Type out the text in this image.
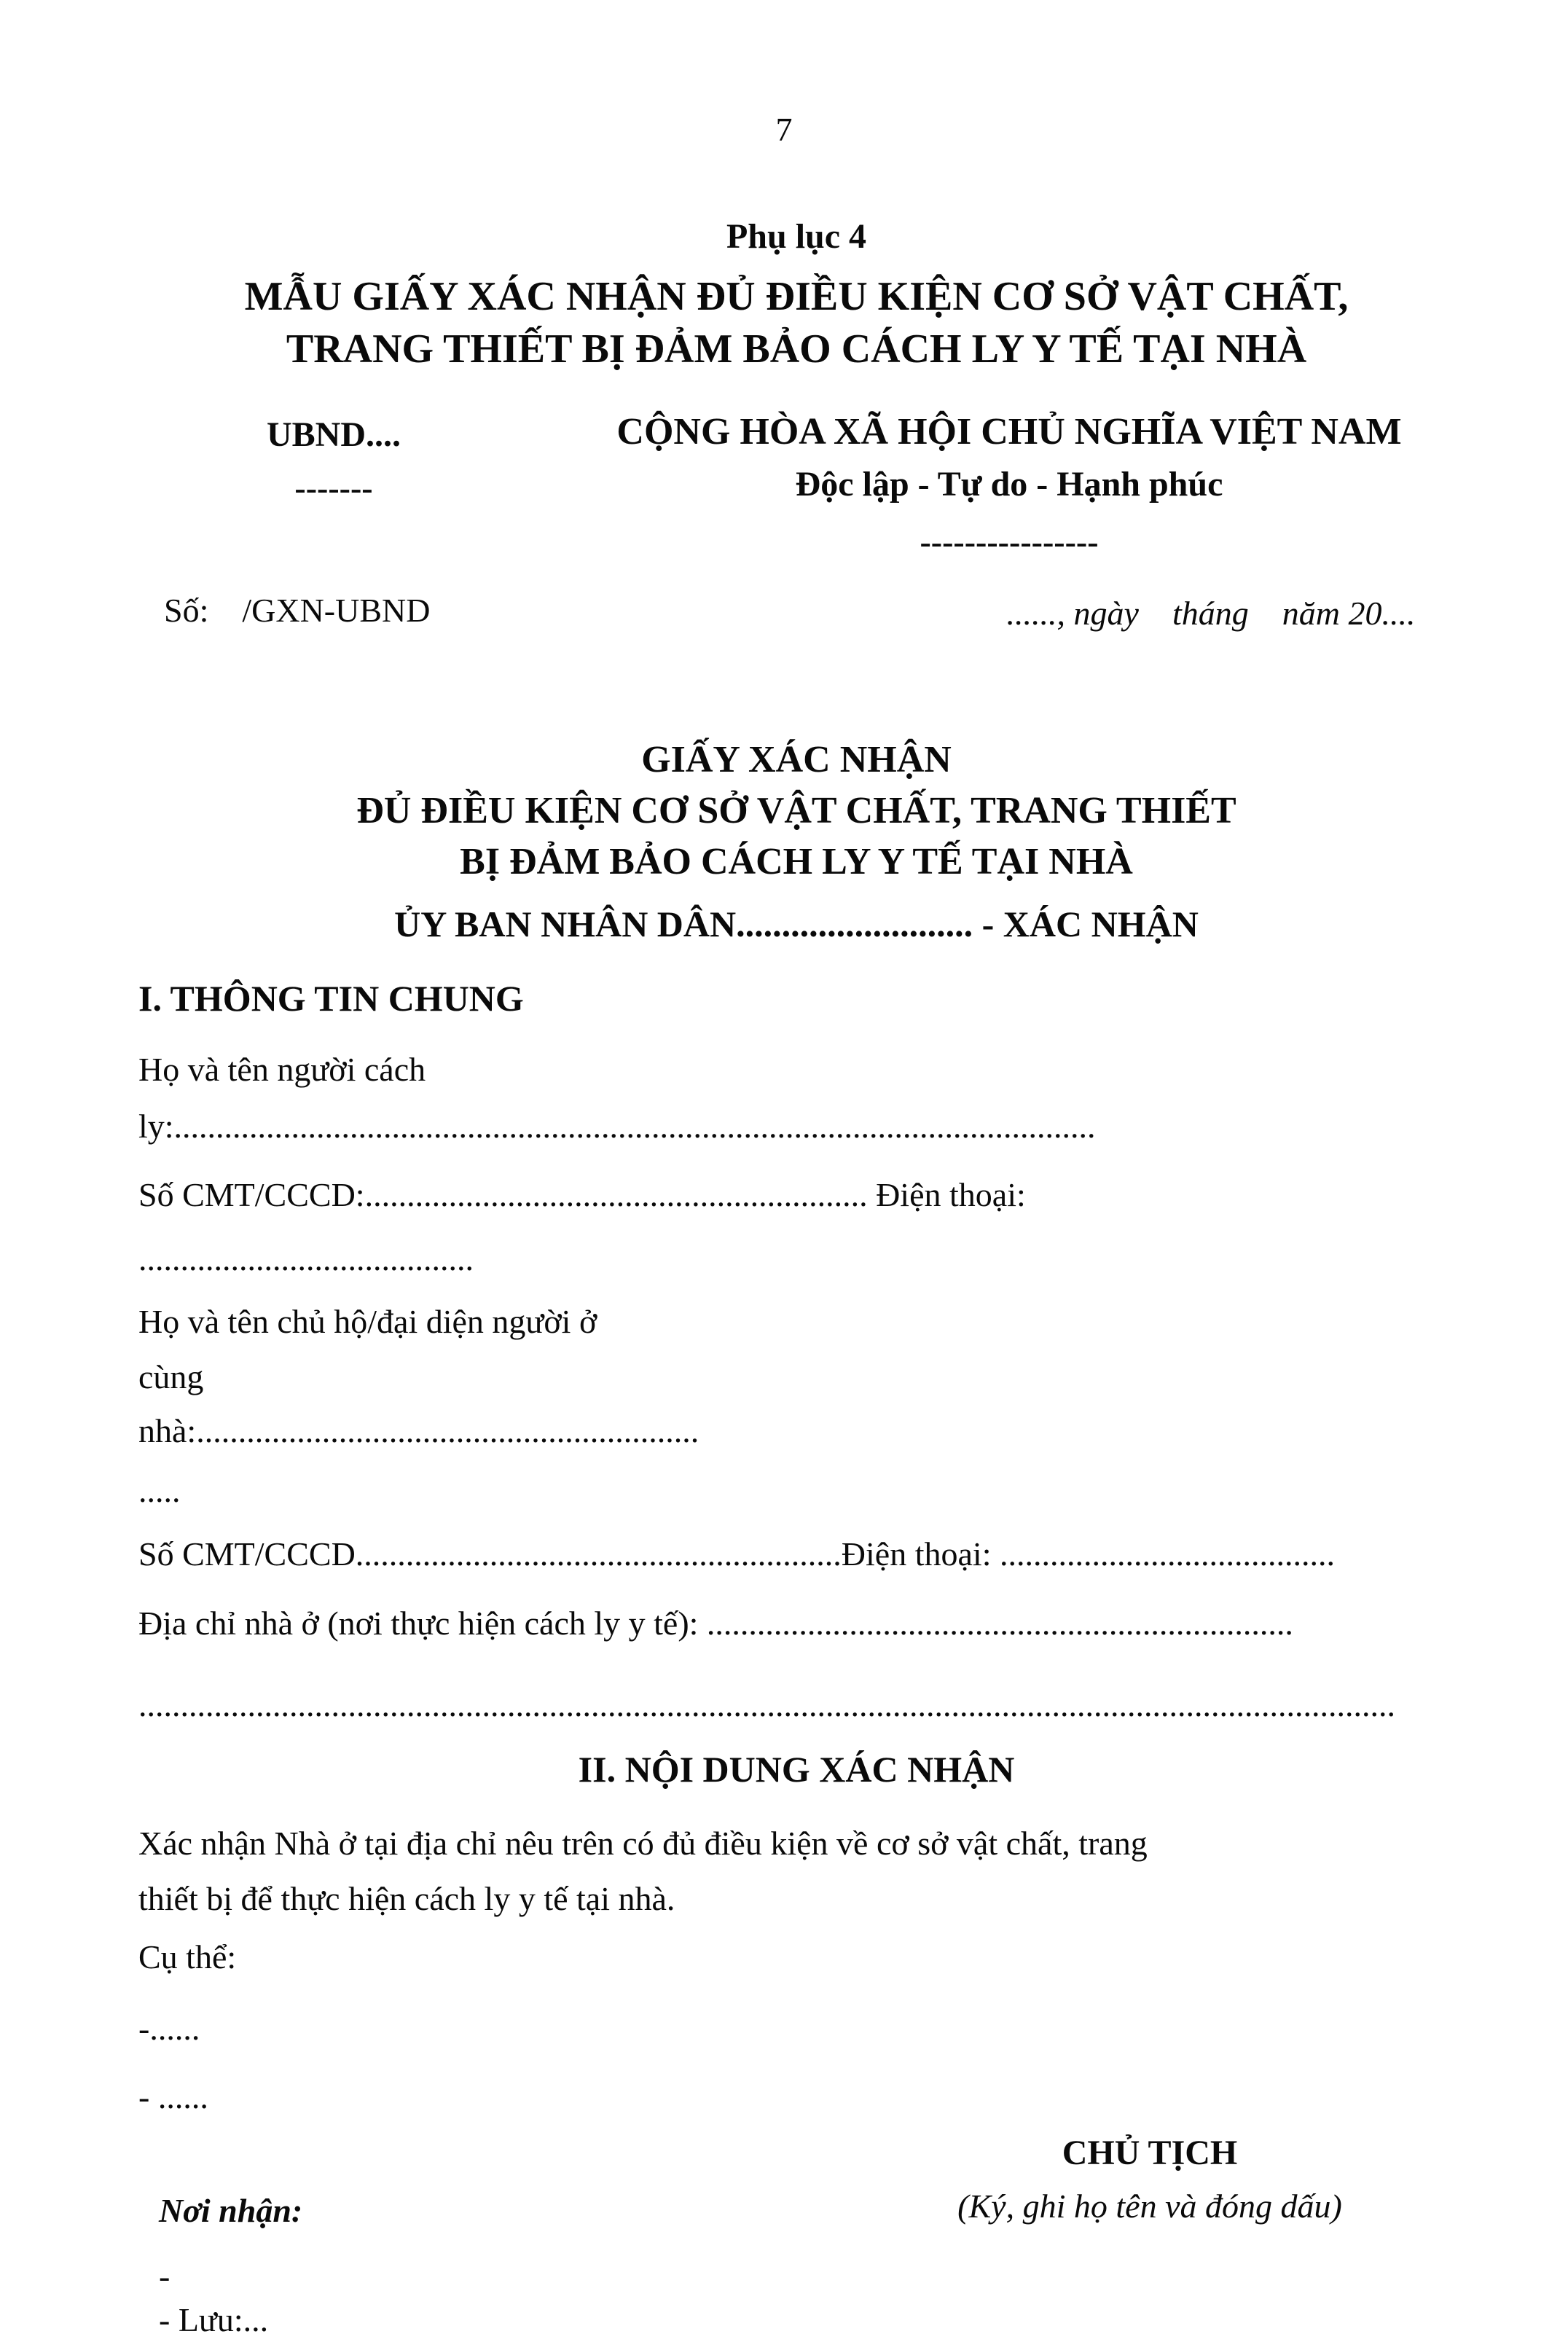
7
Phụ lục 4
MẪU GIẤY XÁC NHẬN ĐỦ ĐIỀU KIỆN CƠ SỞ VẬT CHẤT,
TRANG THIẾT BỊ ĐẢM BẢO CÁCH LY Y TẾ TẠI NHÀ
UBND....	CỘNG HÒA XÃ HỘI CHỦ NGHĨA VIỆT NAM
-------	Độc lập - Tự do - Hạnh phúc
----------------
Số:    /GXN-UBND	......, ngày    tháng    năm 20....
GIẤY XÁC NHẬN
ĐỦ ĐIỀU KIỆN CƠ SỞ VẬT CHẤT, TRANG THIẾT
BỊ ĐẢM BẢO CÁCH LY Y TẾ TẠI NHÀ
ỦY BAN NHÂN DÂN.......................... - XÁC NHẬN
I. THÔNG TIN CHUNG
Họ và tên người cách
ly:..............................................................................................................
Số CMT/CCCD:............................................................ Điện thoại:
........................................
Họ và tên chủ hộ/đại diện người ở
cùng
nhà:............................................................
.....
Số CMT/CCCD..........................................................Điện thoại: ........................................
Địa chỉ nhà ở (nơi thực hiện cách ly y tế): ......................................................................
......................................................................................................................................................
II. NỘI DUNG XÁC NHẬN
Xác nhận Nhà ở tại địa chỉ nêu trên có đủ điều kiện về cơ sở vật chất, trang
thiết bị để thực hiện cách ly y tế tại nhà.
Cụ thể:
-......
- ......
CHỦ TỊCH
(Ký, ghi họ tên và đóng dấu)
Nơi nhận:
-
- Lưu:...
